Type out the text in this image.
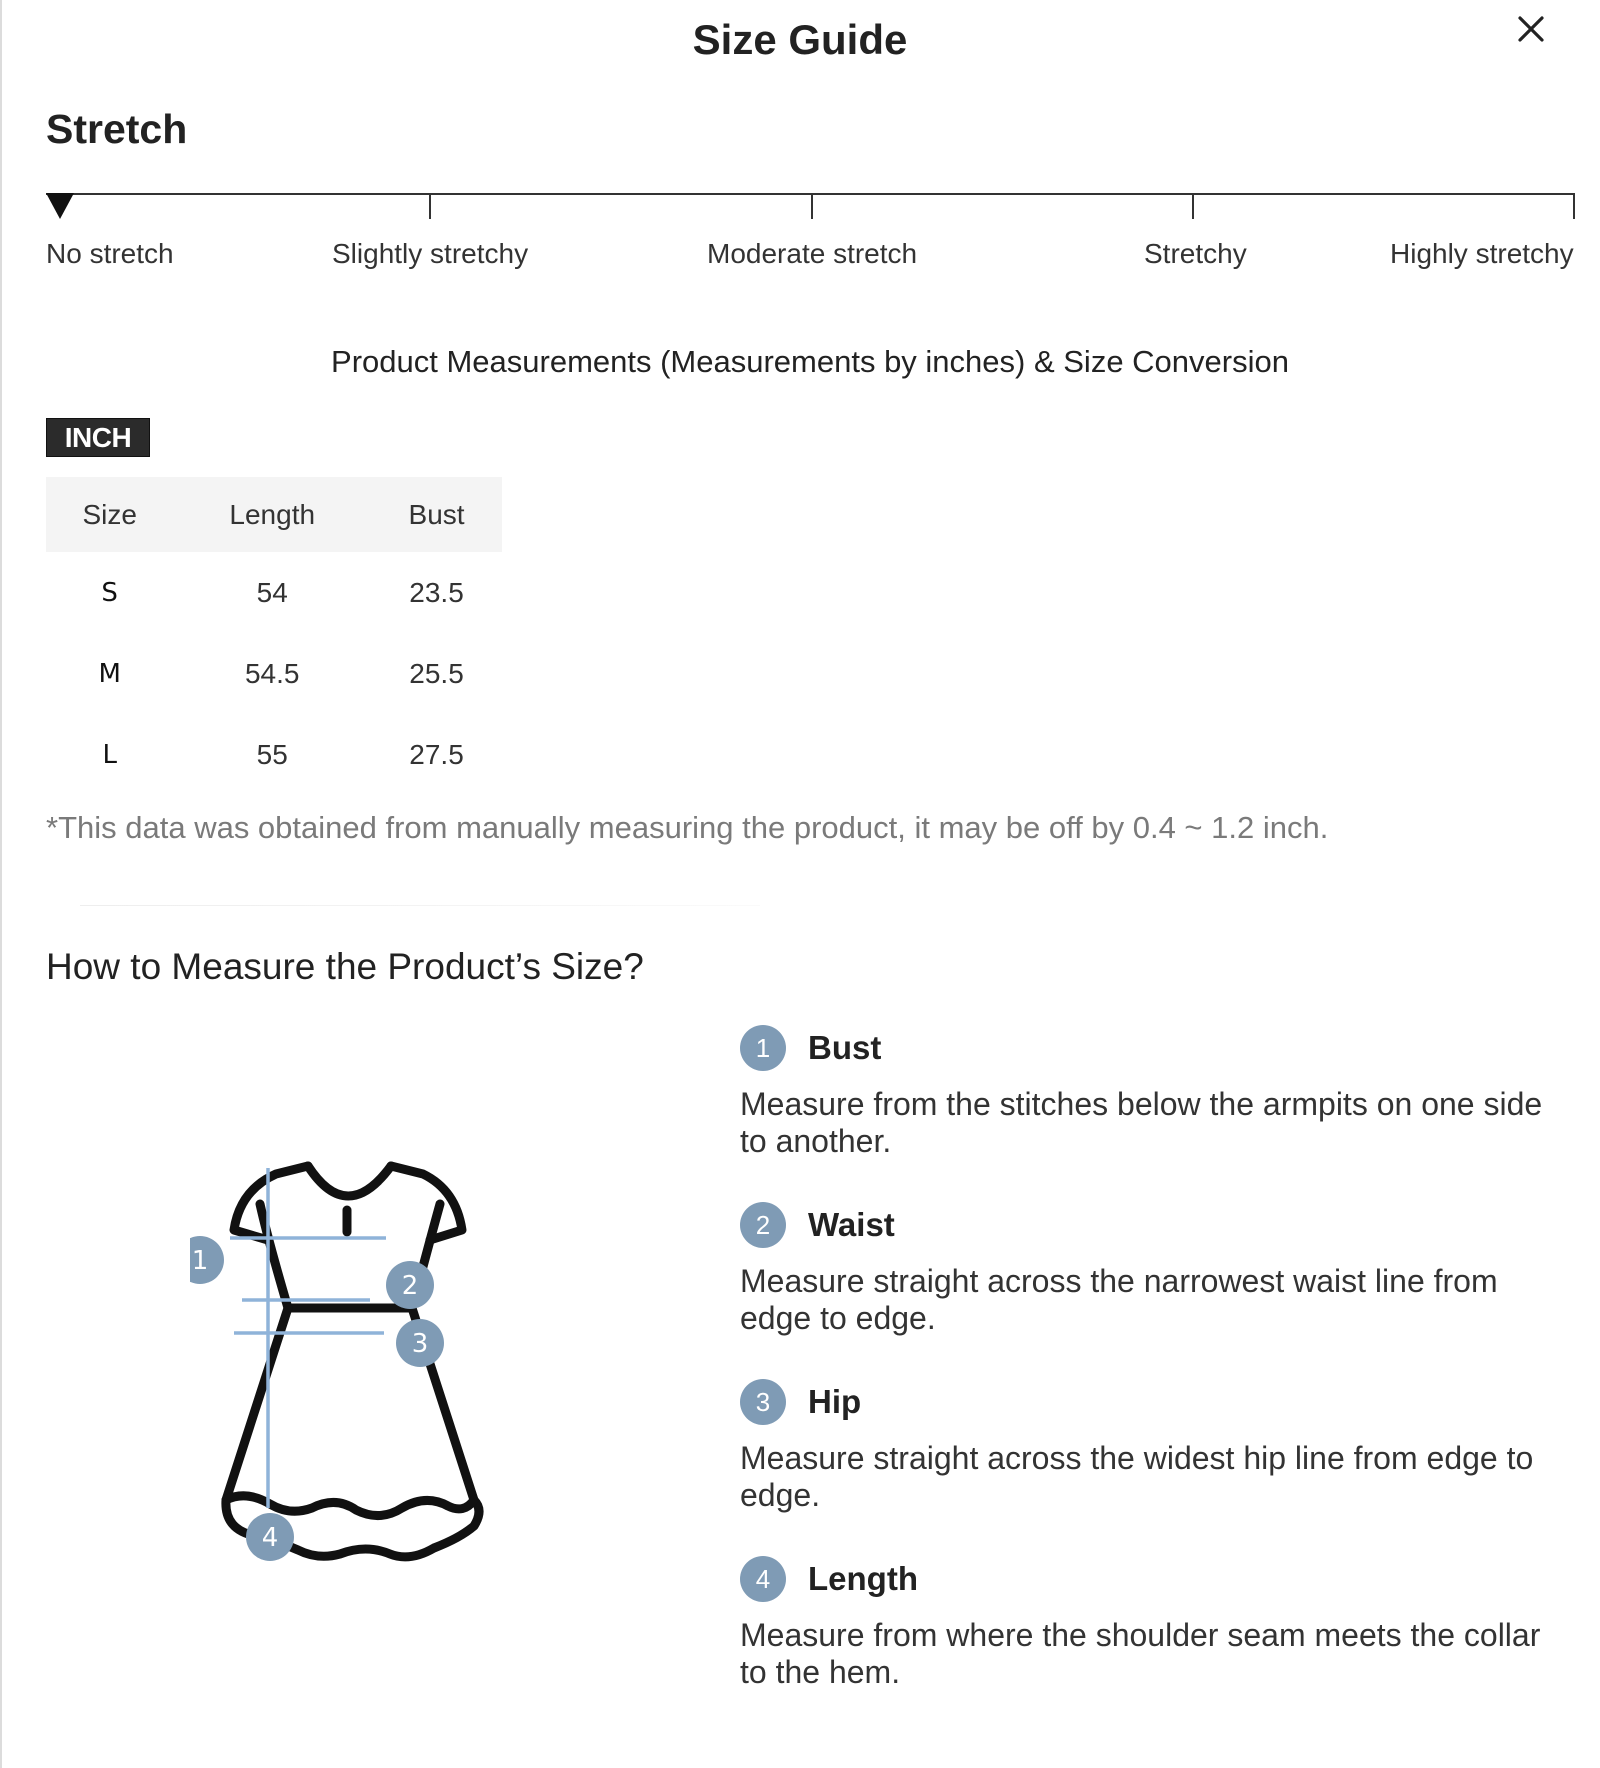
Size Guide
Stretch
No stretch	Slightly stretchy	Moderate stretch	Stretchy	Highly stretchy
Product Measurements (Measurements by inches) & Size Conversion
INCH
Size	Length	Bust
S	54	23.5
M	54.5	25.5
L	55	27.5
*This data was obtained from manually measuring the product, it may be off by 0.4 ~ 1.2 inch.
How to Measure the Product’s Size?
1
2
3
4
1	Bust
Measure from the stitches below the armpits on one side to another.
2	Waist
Measure straight across the narrowest waist line from edge to edge.
3	Hip
Measure straight across the widest hip line from edge to edge.
4	Length
Measure from where the shoulder seam meets the collar to the hem.
